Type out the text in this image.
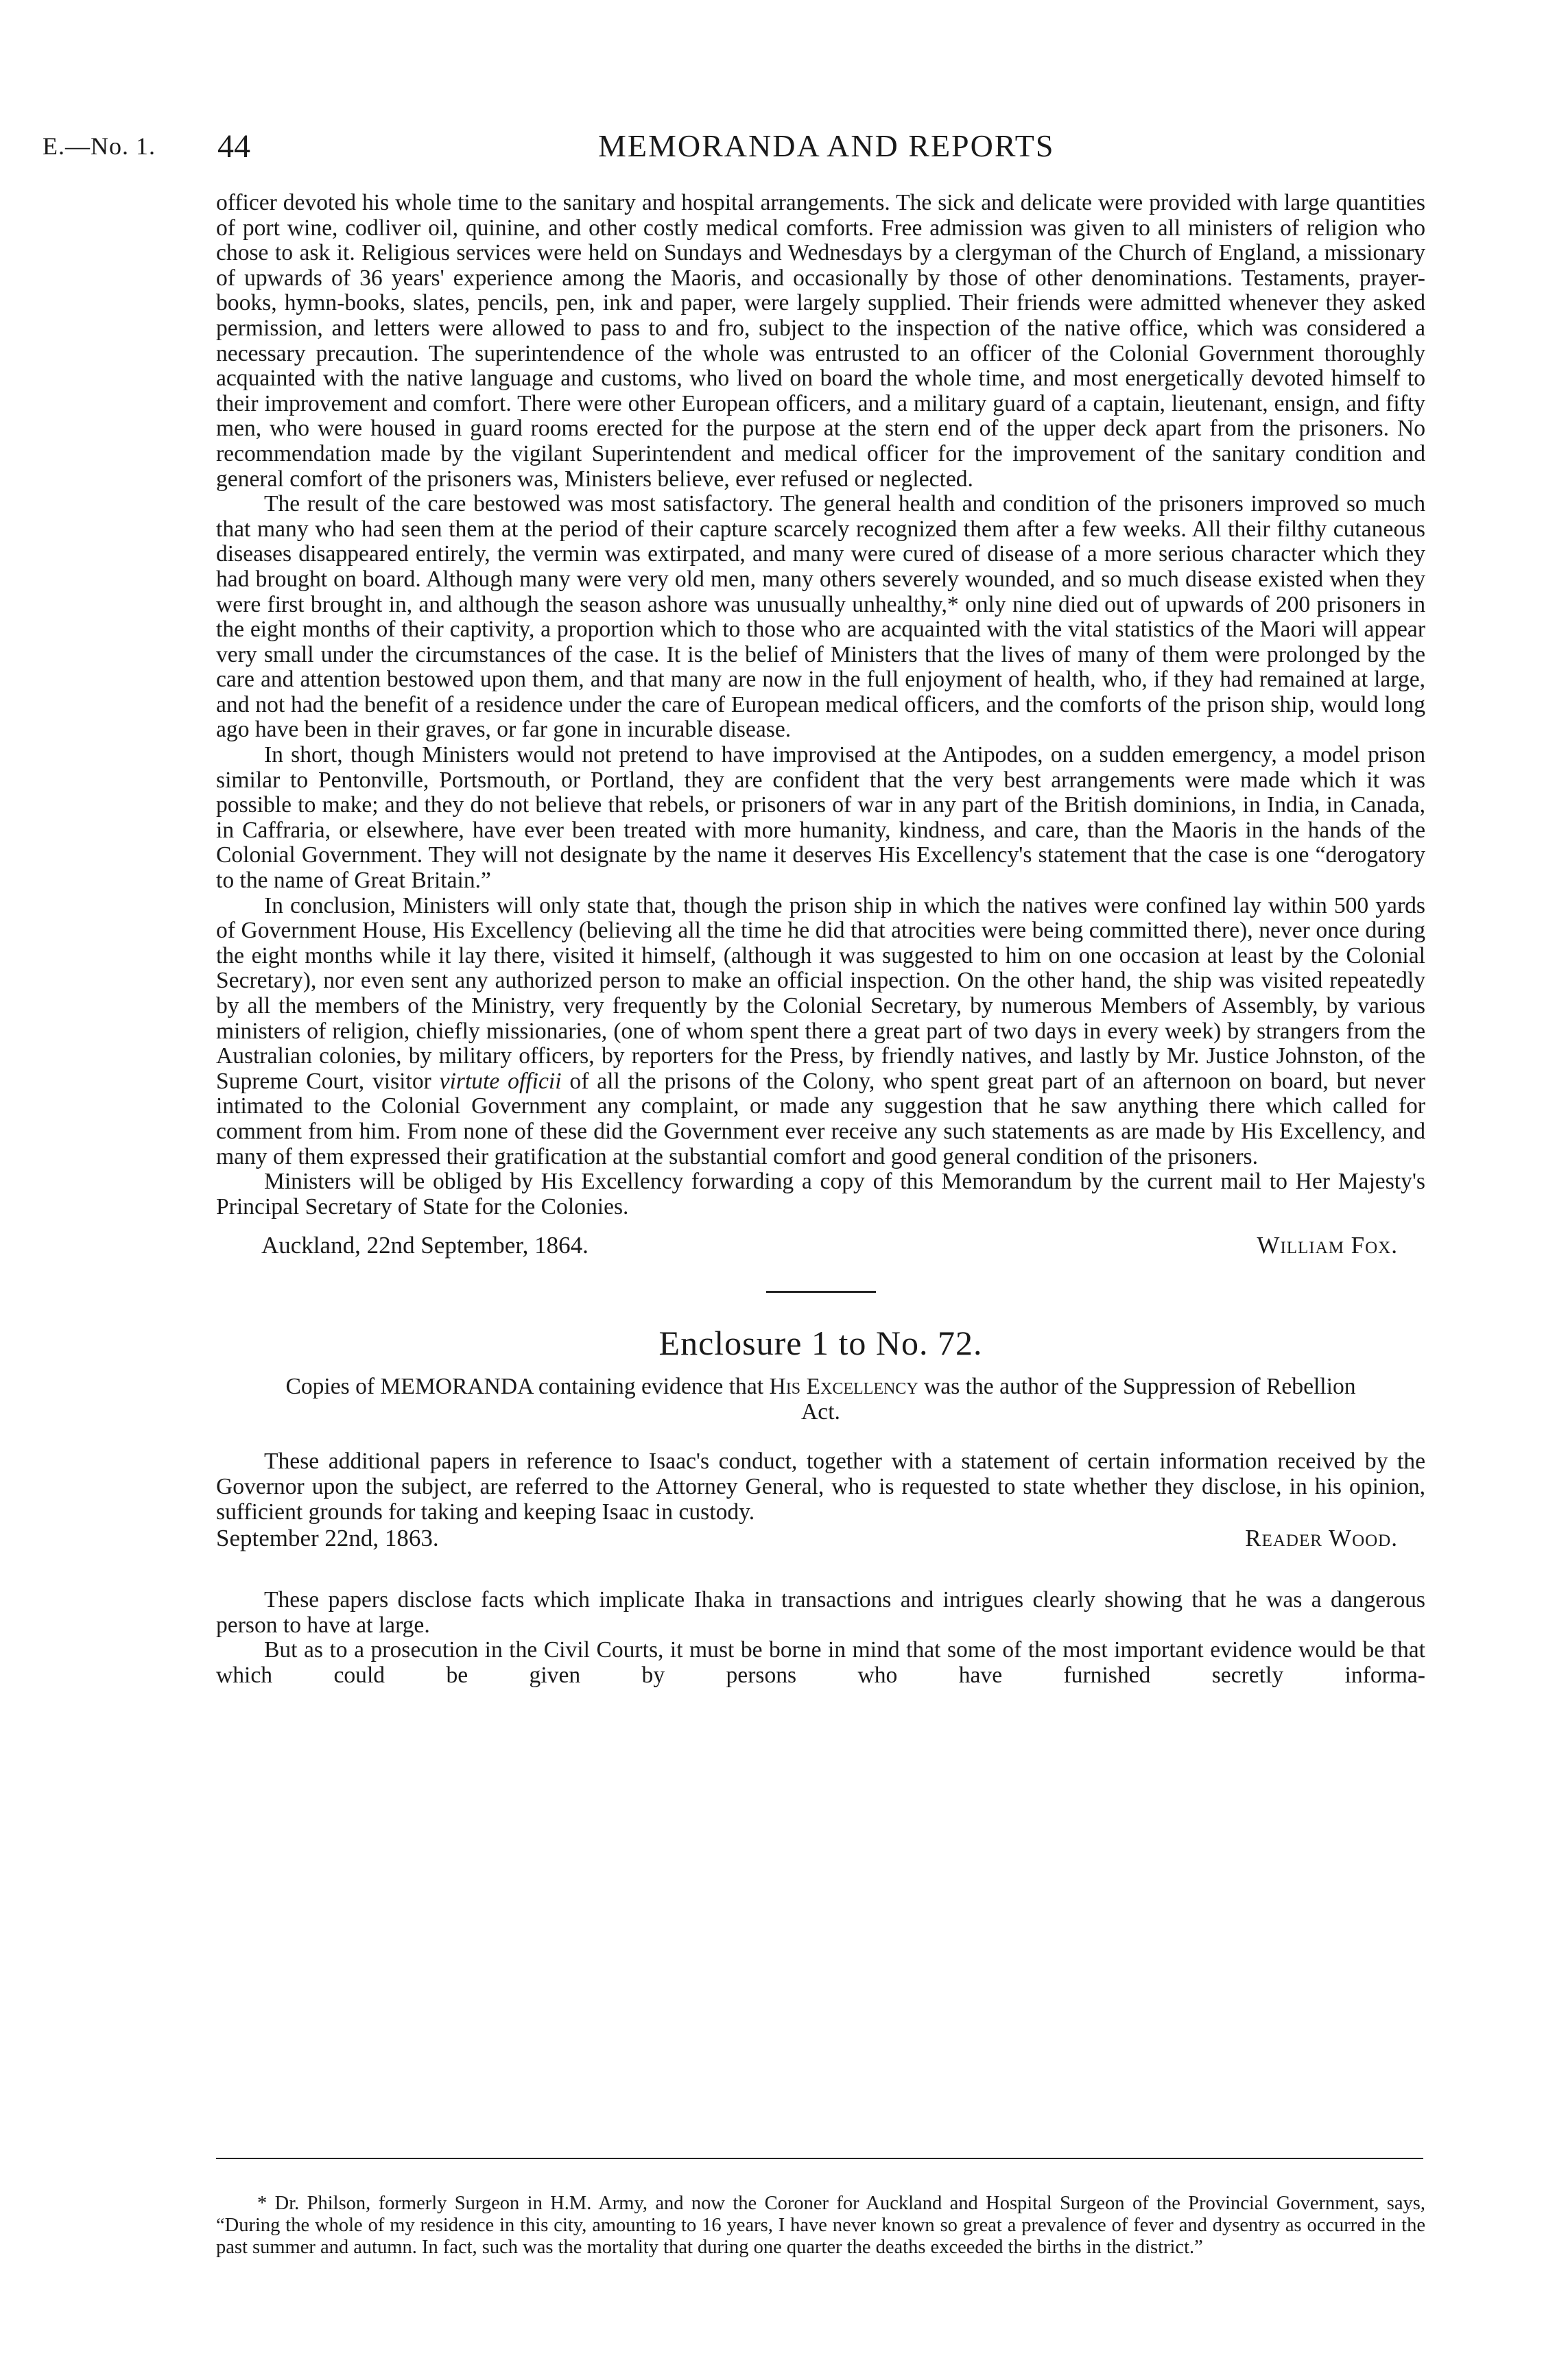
E.—No. 1. 44	MEMORANDA AND REPORTS

officer devoted his whole time to the sanitary and hospital arrangements. The sick and delicate were provided with large quantities of port wine, codliver oil, quinine, and other costly medical comforts. Free admission was given to all ministers of religion who chose to ask it. Religious services were held on Sundays and Wednesdays by a clergyman of the Church of England, a missionary of upwards of 36 years' experience among the Maoris, and occasionally by those of other denominations. Testaments, prayer-books, hymn-books, slates, pencils, pen, ink and paper, were largely supplied. Their friends were admitted whenever they asked permission, and letters were allowed to pass to and fro, subject to the inspection of the native office, which was considered a necessary precaution. The superintendence of the whole was entrusted to an officer of the Colonial Government thoroughly acquainted with the native language and customs, who lived on board the whole time, and most energetically devoted himself to their improvement and comfort. There were other European officers, and a military guard of a captain, lieutenant, ensign, and fifty men, who were housed in guard rooms erected for the purpose at the stern end of the upper deck apart from the prisoners. No recommendation made by the vigilant Superintendent and medical officer for the improvement of the sanitary condition and general comfort of the prisoners was, Ministers believe, ever refused or neglected.

The result of the care bestowed was most satisfactory. The general health and condition of the prisoners improved so much that many who had seen them at the period of their capture scarcely recognized them after a few weeks. All their filthy cutaneous diseases disappeared entirely, the vermin was extirpated, and many were cured of disease of a more serious character which they had brought on board. Although many were very old men, many others severely wounded, and so much disease existed when they were first brought in, and although the season ashore was unusually unhealthy,* only nine died out of upwards of 200 prisoners in the eight months of their captivity, a proportion which to those who are acquainted with the vital statistics of the Maori will appear very small under the circumstances of the case. It is the belief of Ministers that the lives of many of them were prolonged by the care and attention bestowed upon them, and that many are now in the full enjoyment of health, who, if they had remained at large, and not had the benefit of a residence under the care of European medical officers, and the comforts of the prison ship, would long ago have been in their graves, or far gone in incurable disease.

In short, though Ministers would not pretend to have improvised at the Antipodes, on a sudden emergency, a model prison similar to Pentonville, Portsmouth, or Portland, they are confident that the very best arrangements were made which it was possible to make; and they do not believe that rebels, or prisoners of war in any part of the British dominions, in India, in Canada, in Caffraria, or elsewhere, have ever been treated with more humanity, kindness, and care, than the Maoris in the hands of the Colonial Government. They will not designate by the name it deserves His Excellency's statement that the case is one “derogatory to the name of Great Britain.”

In conclusion, Ministers will only state that, though the prison ship in which the natives were confined lay within 500 yards of Government House, His Excellency (believing all the time he did that atrocities were being committed there), never once during the eight months while it lay there, visited it himself, (although it was suggested to him on one occasion at least by the Colonial Secretary), nor even sent any authorized person to make an official inspection. On the other hand, the ship was visited repeatedly by all the members of the Ministry, very frequently by the Colonial Secretary, by numerous Members of Assembly, by various ministers of religion, chiefly missionaries, (one of whom spent there a great part of two days in every week) by strangers from the Australian colonies, by military officers, by reporters for the Press, by friendly natives, and lastly by Mr. Justice Johnston, of the Supreme Court, visitor virtute officii of all the prisons of the Colony, who spent great part of an afternoon on board, but never intimated to the Colonial Government any complaint, or made any suggestion that he saw anything there which called for comment from him. From none of these did the Government ever receive any such statements as are made by His Excellency, and many of them expressed their gratification at the substantial comfort and good general condition of the prisoners.

Ministers will be obliged by His Excellency forwarding a copy of this Memorandum by the current mail to Her Majesty's Principal Secretary of State for the Colonies.

Auckland, 22nd September, 1864.	William Fox.
Enclosure 1 to No. 72.

Copies of MEMORANDA containing evidence that His Excellency was the author of the Suppression of Rebellion Act.

These additional papers in reference to Isaac's conduct, together with a statement of certain information received by the Governor upon the subject, are referred to the Attorney General, who is requested to state whether they disclose, in his opinion, sufficient grounds for taking and keeping Isaac in custody.

September 22nd, 1863.	Reader Wood.

These papers disclose facts which implicate Ihaka in transactions and intrigues clearly showing that he was a dangerous person to have at large.

But as to a prosecution in the Civil Courts, it must be borne in mind that some of the most important evidence would be that which could be given by persons who have furnished secretly informa-

* Dr. Philson, formerly Surgeon in H.M. Army, and now the Coroner for Auckland and Hospital Surgeon of the Provincial Government, says, “During the whole of my residence in this city, amounting to 16 years, I have never known so great a prevalence of fever and dysentry as occurred in the past summer and autumn. In fact, such was the mortality that during one quarter the deaths exceeded the births in the district.”
